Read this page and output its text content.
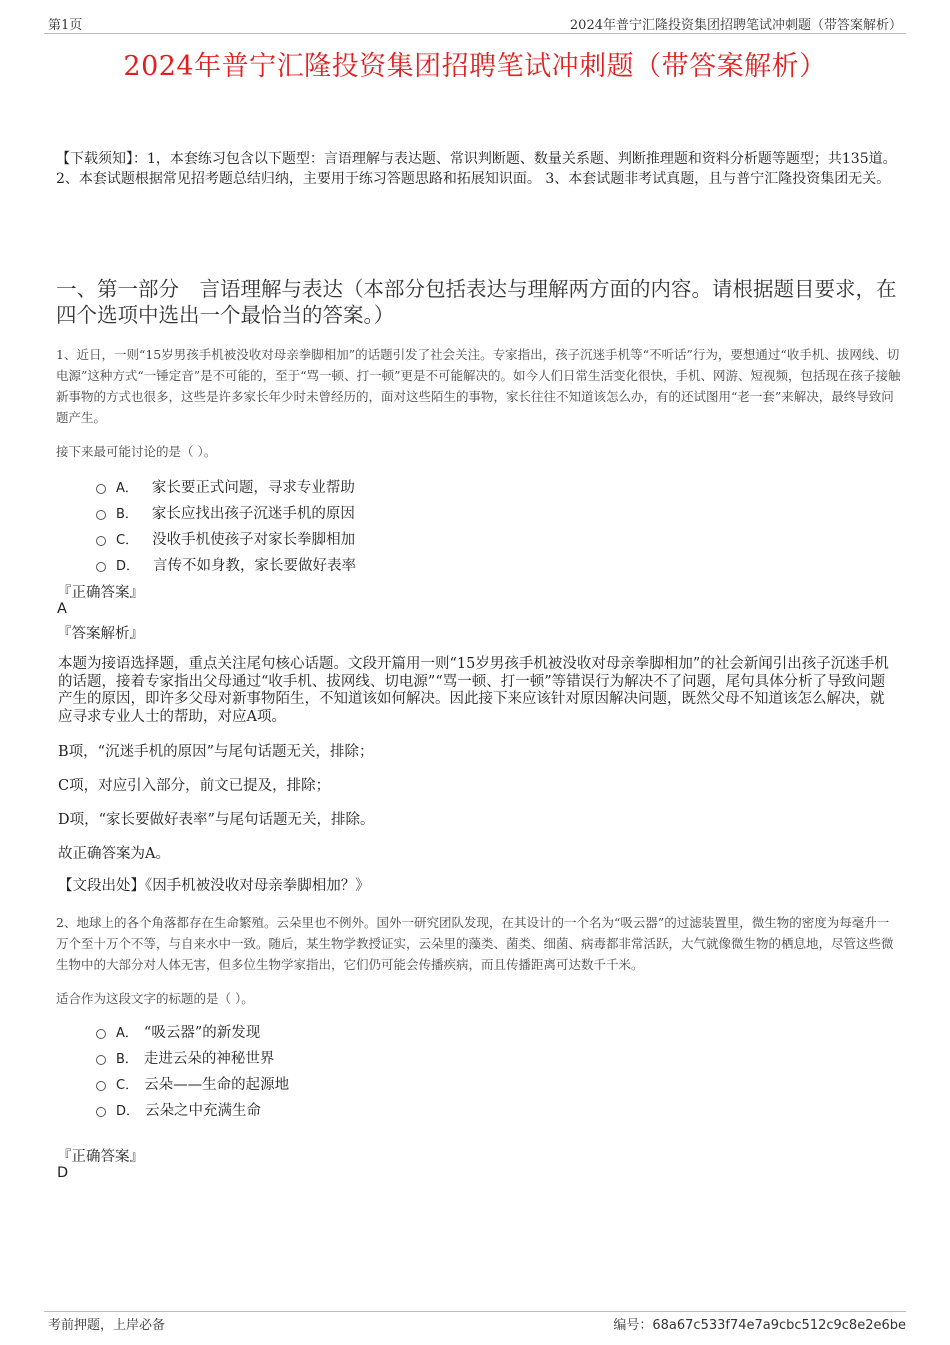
第1页	2024年普宁汇隆投资集团招聘笔试冲刺题（带答案解析）
2024年普宁汇隆投资集团招聘笔试冲刺题（带答案解析）
【下载须知】：1，本套练习包含以下题型：言语理解与表达题、常识判断题、数量关系题、判断推理题和资料分析题等题型；共135道。 2、本套试题根据常见招考题总结归纳，主要用于练习答题思路和拓展知识面。 3、本套试题非考试真题，且与普宁汇隆投资集团无关。
一、第一部分　言语理解与表达（本部分包括表达与理解两方面的内容。请根据题目要求，在四个选项中选出一个最恰当的答案。）
1、近日，一则“15岁男孩手机被没收对母亲拳脚相加”的话题引发了社会关注。专家指出，孩子沉迷手机等“不听话”行为，要想通过“收手机、拔网线、切电源”这种方式“一锤定音”是不可能的，至于“骂一顿、打一顿”更是不可能解决的。如今人们日常生活变化很快，手机、网游、短视频，包括现在孩子接触新事物的方式也很多，这些是许多家长年少时未曾经历的，面对这些陌生的事物，家长往往不知道该怎么办，有的还试图用“老一套”来解决，最终导致问题产生。
接下来最可能讨论的是（ ）。
A． 家长要正式问题，寻求专业帮助
B． 家长应找出孩子沉迷手机的原因
C． 没收手机使孩子对家长拳脚相加
D． 言传不如身教，家长要做好表率
『正确答案』
A
『答案解析』
本题为接语选择题，重点关注尾句核心话题。文段开篇用一则“15岁男孩手机被没收对母亲拳脚相加”的社会新闻引出孩子沉迷手机的话题，接着专家指出父母通过“收手机、拔网线、切电源”“骂一顿、打一顿”等错误行为解决不了问题，尾句具体分析了导致问题产生的原因，即许多父母对新事物陌生，不知道该如何解决。因此接下来应该针对原因解决问题，既然父母不知道该怎么解决，就应寻求专业人士的帮助，对应A项。
B项，“沉迷手机的原因”与尾句话题无关，排除；
C项，对应引入部分，前文已提及，排除；
D项，“家长要做好表率”与尾句话题无关，排除。
故正确答案为A。
【文段出处】《因手机被没收对母亲拳脚相加？》
2、地球上的各个角落都存在生命繁殖。云朵里也不例外。国外一研究团队发现，在其设计的一个名为“吸云器”的过滤装置里，微生物的密度为每毫升一万个至十万个不等，与自来水中一致。随后，某生物学教授证实，云朵里的藻类、菌类、细菌、病毒都非常活跃，大气就像微生物的栖息地，尽管这些微生物中的大部分对人体无害，但多位生物学家指出，它们仍可能会传播疾病，而且传播距离可达数千千米。
适合作为这段文字的标题的是（ ）。
A． “吸云器”的新发现
B． 走进云朵的神秘世界
C． 云朵——生命的起源地
D． 云朵之中充满生命
『正确答案』
D
考前押题，上岸必备	编号：68a67c533f74e7a9cbc512c9c8e2e6be
